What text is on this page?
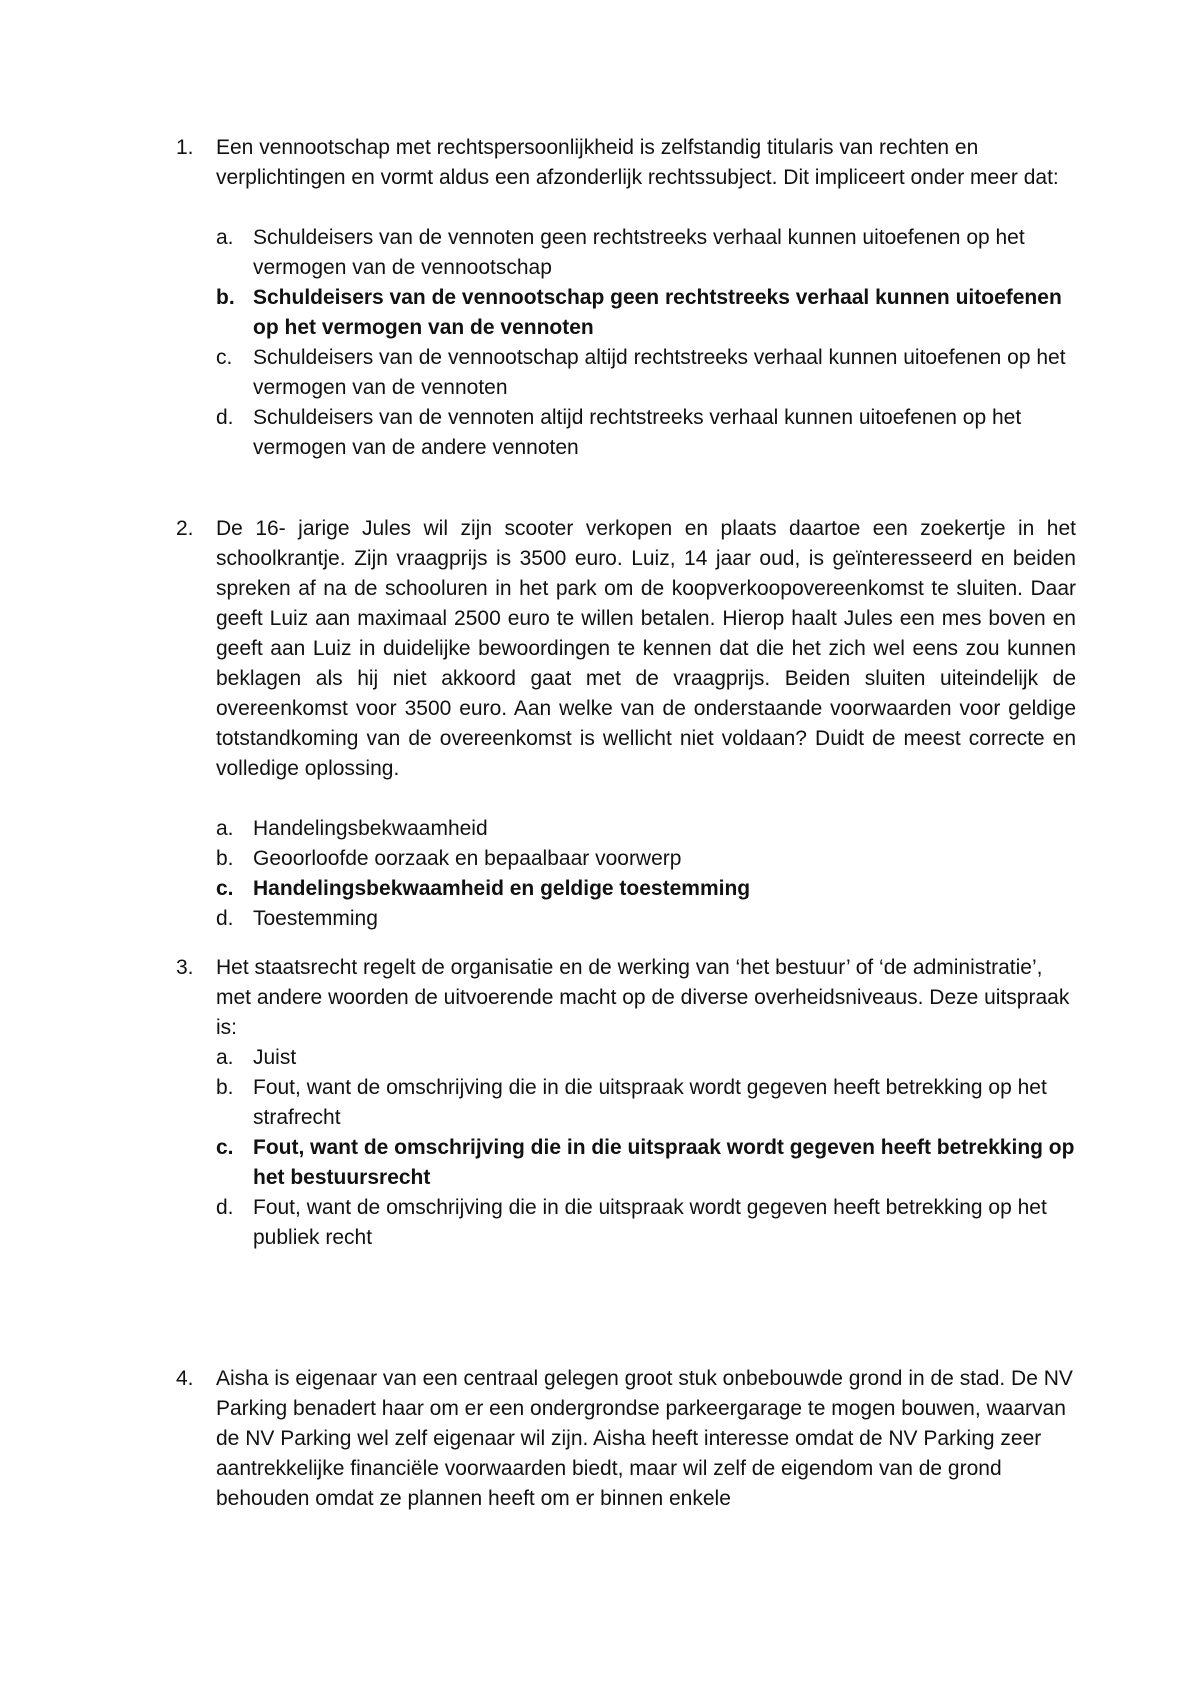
1.	Een vennootschap met rechtspersoonlijkheid is zelfstandig titularis van rechten en verplichtingen en vormt aldus een afzonderlijk rechtssubject. Dit impliceert onder meer dat:
a. Schuldeisers van de vennoten geen rechtstreeks verhaal kunnen uitoefenen op het vermogen van de vennootschap
b. Schuldeisers van de vennootschap geen rechtstreeks verhaal kunnen uitoefenen op het vermogen van de vennoten
c. Schuldeisers van de vennootschap altijd rechtstreeks verhaal kunnen uitoefenen op het vermogen van de vennoten
d. Schuldeisers van de vennoten altijd rechtstreeks verhaal kunnen uitoefenen op het vermogen van de andere vennoten
2.	De 16- jarige Jules wil zijn scooter verkopen en plaats daartoe een zoekertje in het schoolkrantje. Zijn vraagprijs is 3500 euro. Luiz, 14 jaar oud, is geïnteresseerd en beiden spreken af na de schooluren in het park om de koopverkoopovereenkomst te sluiten. Daar geeft Luiz aan maximaal 2500 euro te willen betalen. Hierop haalt Jules een mes boven en geeft aan Luiz in duidelijke bewoordingen te kennen dat die het zich wel eens zou kunnen beklagen als hij niet akkoord gaat met de vraagprijs. Beiden sluiten uiteindelijk de overeenkomst voor 3500 euro. Aan welke van de onderstaande voorwaarden voor geldige totstandkoming van de overeenkomst is wellicht niet voldaan? Duidt de meest correcte en volledige oplossing.
a. Handelingsbekwaamheid
b. Geoorloofde oorzaak en bepaalbaar voorwerp
c. Handelingsbekwaamheid en geldige toestemming
d. Toestemming
3.	Het staatsrecht regelt de organisatie en de werking van ‘het bestuur’ of ‘de administratie’, met andere woorden de uitvoerende macht op de diverse overheidsniveaus. Deze uitspraak is:
a. Juist
b. Fout, want de omschrijving die in die uitspraak wordt gegeven heeft betrekking op het strafrecht
c. Fout, want de omschrijving die in die uitspraak wordt gegeven heeft betrekking op het bestuursrecht
d. Fout, want de omschrijving die in die uitspraak wordt gegeven heeft betrekking op het publiek recht
4.	Aisha is eigenaar van een centraal gelegen groot stuk onbebouwde grond in de stad. De NV Parking benadert haar om er een ondergrondse parkeergarage te mogen bouwen, waarvan de NV Parking wel zelf eigenaar wil zijn. Aisha heeft interesse omdat de NV Parking zeer aantrekkelijke financiële voorwaarden biedt, maar wil zelf de eigendom van de grond behouden omdat ze plannen heeft om er binnen enkele
